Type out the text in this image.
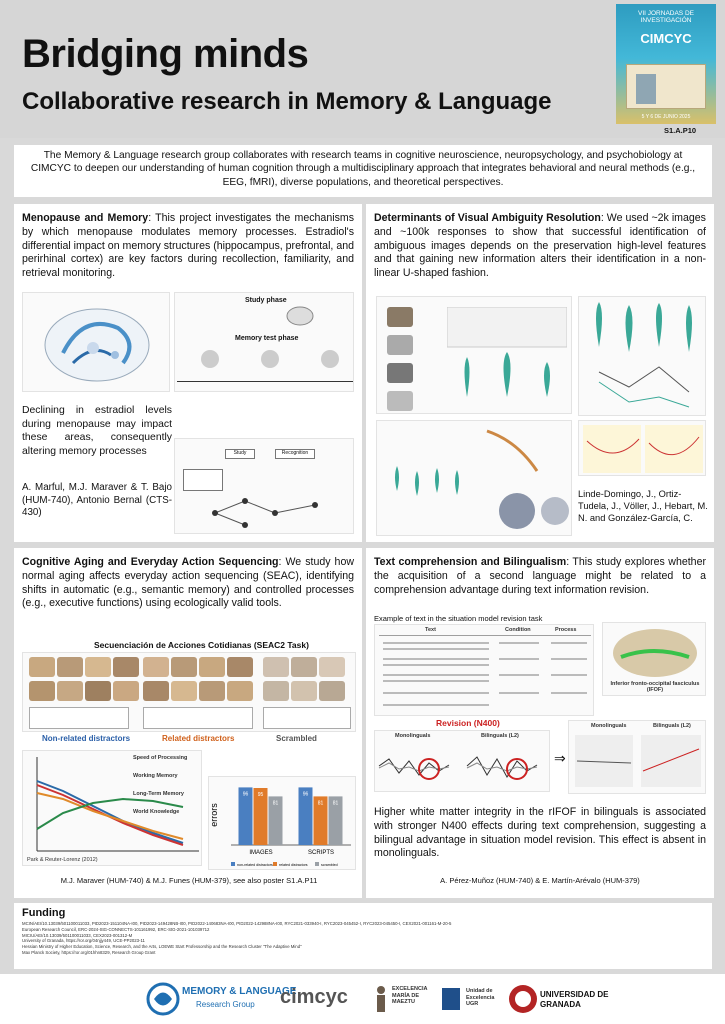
Bridging minds
Collaborative research in Memory & Language
VII JORNADAS DE INVESTIGACIÓN
CIMCYC
5 Y 6 DE JUNIO 2025
S1.A.P10
The Memory & Language research group collaborates with research teams in cognitive neuroscience, neuropsychology, and psychobiology at CIMCYC to deepen our understanding of human cognition through a multidisciplinary approach that integrates behavioral and neural methods (e.g., EEG, fMRI), diverse populations, and theoretical perspectives.
Menopause and Memory: This project investigates the mechanisms by which menopause modulates memory processes. Estradiol's differential impact on memory structures (hippocampus, prefrontal, and perirhinal cortex) are key factors during recollection, familiarity, and retrieval monitoring.
Study phase
Memory test phase
Declining in estradiol levels during menopause may impact these areas, consequently altering memory processes
A. Marful, M.J. Maraver & T. Bajo (HUM-740), Antonio Bernal (CTS-430)
Study	Recognition
Determinants of Visual Ambiguity Resolution: We used ~2k images and ~100k responses to show that successful identification of ambiguous images depends on the preservation high-level features and that gaining new information alters their identification in a non-linear U-shaped fashion.
Linde-Domingo, J., Ortiz-Tudela, J., Völler, J., Hebart, M. N. and González-García, C.
Cognitive Aging and Everyday Action Sequencing: We study how normal aging affects everyday action sequencing (SEAC), identifying shifts in automatic (e.g., semantic memory) and controlled processes (e.g., executive functions) using ecologically valid tools.
Secuenciación de Acciones Cotidianas (SEAC2 Task)
Non-related distractors	Related distractors	Scrambled
Speed of Processing
Working Memory
Long-Term Memory
World Knowledge
Park & Reuter-Lorenz (2012)
errors
96 95
81
IMAGES
96
81 81
SCRIPTS
non-related distractors related distractors	scrambled
M.J. Maraver (HUM-740) & M.J. Funes (HUM-379), see also poster S1.A.P11
Text comprehension and Bilingualism: This study explores whether the acquisition of a second language might be related to a comprehension advantage during text information revision.
Example of text in the situation model revision task
Text	Condition	Process
Inferior fronto-occipital fasciculus (IFOF)
Revision (N400)
Monolinguals	Bilinguals (L2)
⇒
Monolinguals	Bilinguals (L2)
Higher white matter integrity in the rIFOF in bilinguals is associated with stronger N400 effects during text comprehension, suggesting a bilingual advantage in situation model revision. This effect is absent in monolinguals.
A. Pérez-Muñoz (HUM-740) & E. Martín-Arévalo (HUM-379)
Funding
MCIN/AEI/10.13039/501100011033, PID2023-151104NA-I00, PID2023-149428NB-I00, PID2022-140683NA-I00, PID2022-142988NA-I00, RYC2021-033940-I, RYC2023-045452-I, RYC2023-045450-I, CEX2021-001161-M-20-5
European Research Council, ERC-2024-StG-CONNECTS-101161992, ERC-StG-2021-101039712
MICIU/AEI/10.13039/501100011033, CEX2023-001312-M
University of Granada, https://ror.org/04njjy449, UCE-PP2023-11
Hessian Ministry of Higher Education, Science, Research, and the Arts, LOEWE Start Professorship and the Research Cluster "The Adaptive Mind"
Max Planck Society, https://ror.org/01hhn8329, Research Group Grant
MEMORY & LANGUAGE
Research Group cimcyc	EXCELENCIA MARÍA DE MAEZTU
Unidad de Excelencia UGR
UNIVERSIDAD DE GRANADA
